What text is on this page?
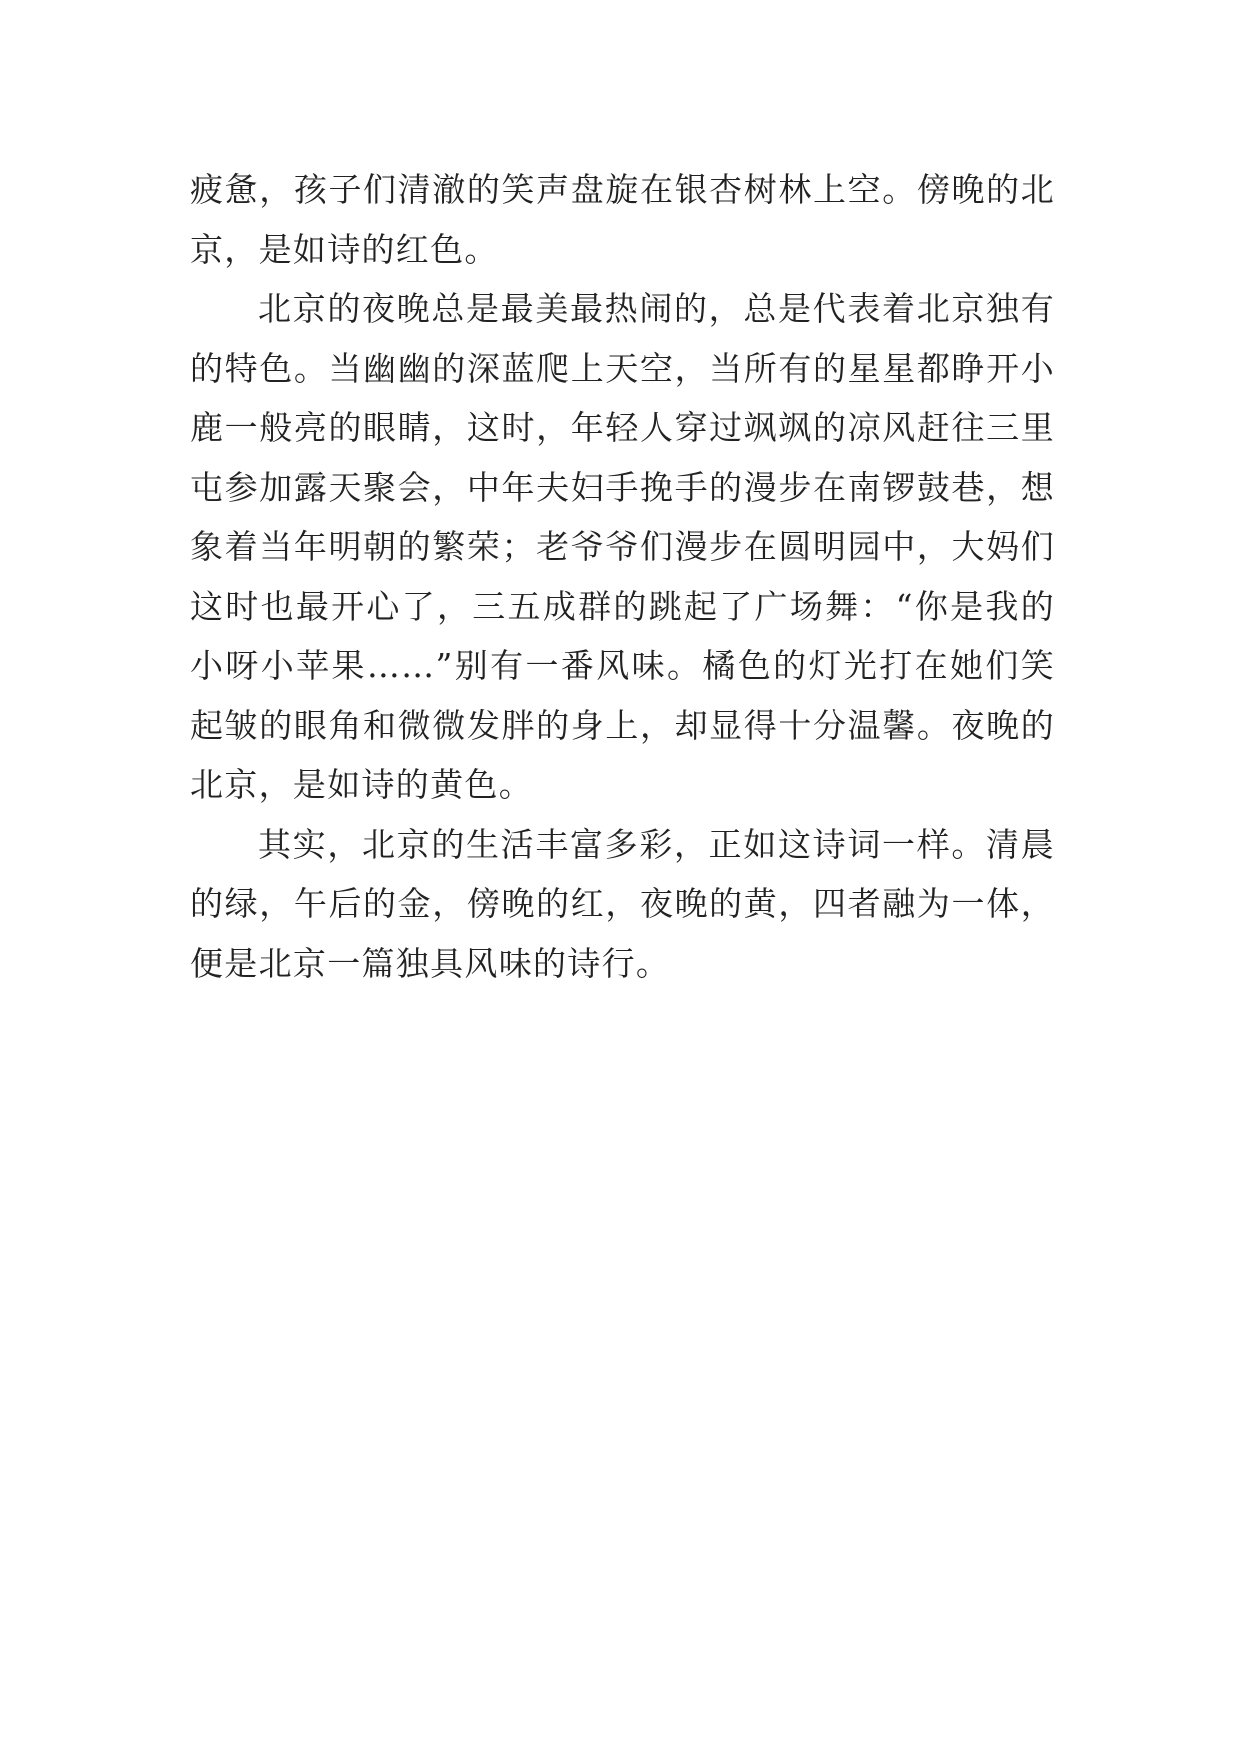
疲惫，孩子们清澈的笑声盘旋在银杏树林上空。傍晚的北京，是如诗的红色。

北京的夜晚总是最美最热闹的，总是代表着北京独有的特色。当幽幽的深蓝爬上天空，当所有的星星都睁开小鹿一般亮的眼睛，这时，年轻人穿过飒飒的凉风赶往三里屯参加露天聚会，中年夫妇手挽手的漫步在南锣鼓巷，想象着当年明朝的繁荣；老爷爷们漫步在圆明园中，大妈们这时也最开心了，三五成群的跳起了广场舞：“你是我的小呀小苹果……”别有一番风味。橘色的灯光打在她们笑起皱的眼角和微微发胖的身上，却显得十分温馨。夜晚的北京，是如诗的黄色。

其实，北京的生活丰富多彩，正如这诗词一样。清晨的绿，午后的金，傍晚的红，夜晚的黄，四者融为一体，便是北京一篇独具风味的诗行。
